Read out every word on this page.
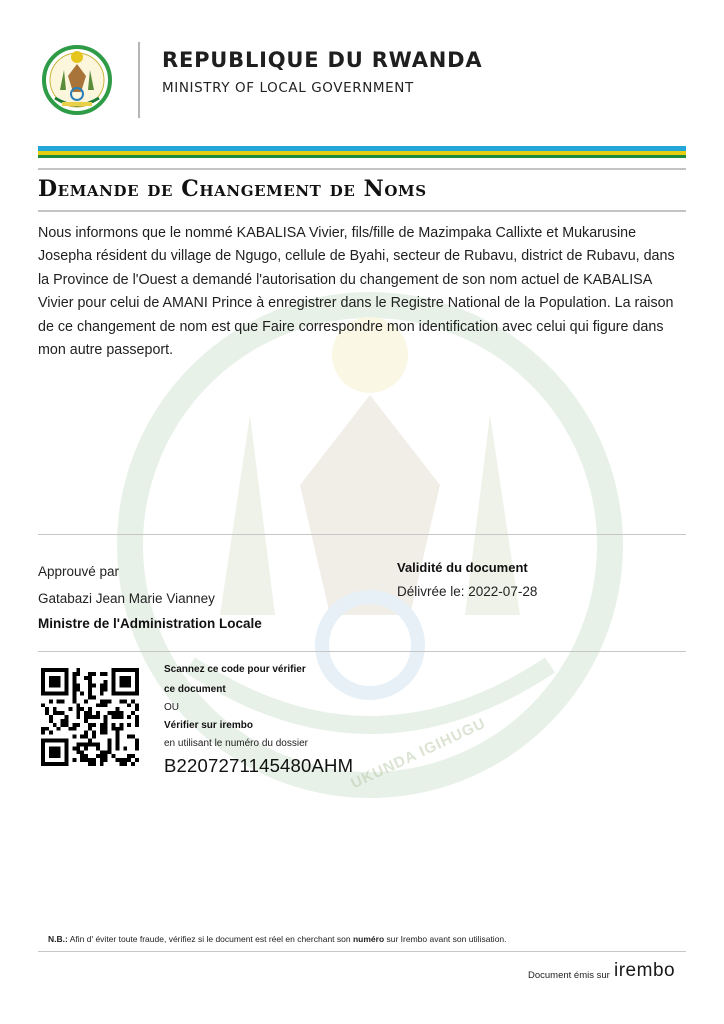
REPUBLIQUE DU RWANDA
MINISTRY OF LOCAL GOVERNMENT
Demande de Changement de Noms
UKUNDA IGIHUGU
Nous informons que le nommé KABALISA Vivier, fils/fille de Mazimpaka Callixte et Mukarusine Josepha résident du village de Ngugo, cellule de Byahi, secteur de Rubavu, district de Rubavu, dans la Province de l'Ouest a demandé l'autorisation du changement de son nom actuel de KABALISA Vivier pour celui de AMANI Prince à enregistrer dans le Registre National de la Population. La raison de ce changement de nom est que Faire correspondre mon identification avec celui qui figure dans mon autre passeport.
Approuvé par
Gatabazi Jean Marie Vianney
Ministre de l'Administration Locale
Validité du document
Délivrée le: 2022-07-28
Scannez ce code pour vérifier
ce document
OU
Vérifier sur irembo
en utilisant le numéro du dossier
B2207271145480AHM
N.B.: Afin d' éviter toute fraude, vérifiez si le document est réel en cherchant son numéro sur Irembo avant son utilisation.
Document émis sur irembo
